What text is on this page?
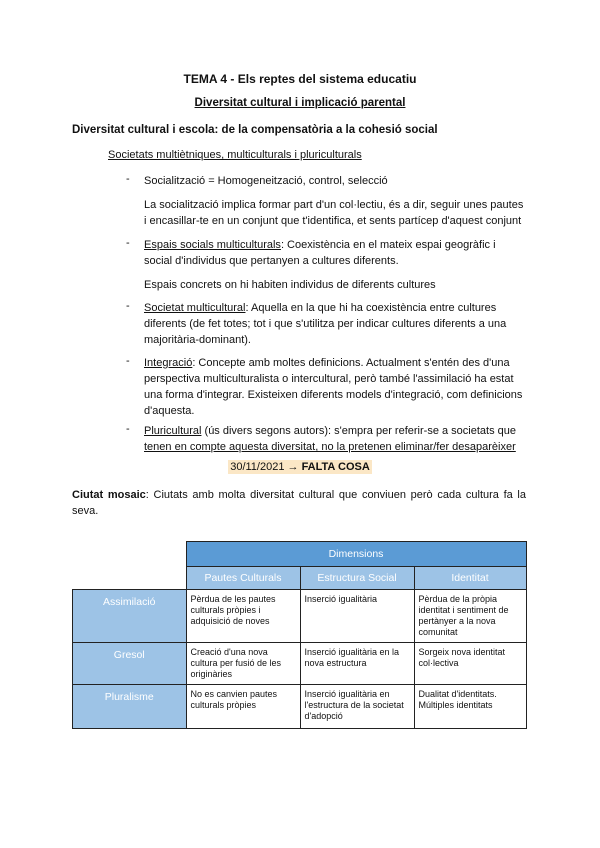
TEMA 4 - Els reptes del sistema educatiu
Diversitat cultural i implicació parental
Diversitat cultural i escola: de la compensatòria a la cohesió social
Societats multiètniques, multiculturals i pluriculturals
- Socialització = Homogeneització, control, selecció
La socialització implica formar part d'un col·lectiu, és a dir, seguir unes pautes
i encasillar-te en un conjunt que t'identifica, et sents partícep d'aquest conjunt
- Espais socials multiculturals: Coexistència en el mateix espai geogràfic i
social d'individus que pertanyen a cultures diferents.
Espais concrets on hi habiten individus de diferents cultures
- Societat multicultural: Aquella en la que hi ha coexistència entre cultures
diferents (de fet totes; tot i que s'utilitza per indicar cultures diferents a una
majoritària-dominant).
- Integració: Concepte amb moltes definicions. Actualment s'entén des d'una
perspectiva multiculturalista o intercultural, però també l'assimilació ha estat
una forma d'integrar. Existeixen diferents models d'integració, com definicions
d'aquesta.
- Pluricultural (ús divers segons autors): s'empra per referir-se a societats que
tenen en compte aquesta diversitat, no la pretenen eliminar/fer desaparèixer
30/11/2021 → FALTA COSA
Ciutat mosaic: Ciutats amb molta diversitat cultural que conviuen però cada cultura fa la seva.
	Dimensions		
	Pautes Culturals	Estructura Social	Identitat
Assimilació	Pèrdua de les pautes culturals pròpies i adquisició de noves	Inserció igualitària	Pèrdua de la pròpia identitat i sentiment de pertànyer a la nova comunitat
Gresol	Creació d'una nova cultura per fusió de les originàries	Inserció igualitària en la nova estructura	Sorgeix nova identitat col·lectiva
Pluralisme	No es canvien pautes culturals pròpies	Inserció igualitària en l'estructura de la societat d'adopció	Dualitat d'identitats. Múltiples identitats
